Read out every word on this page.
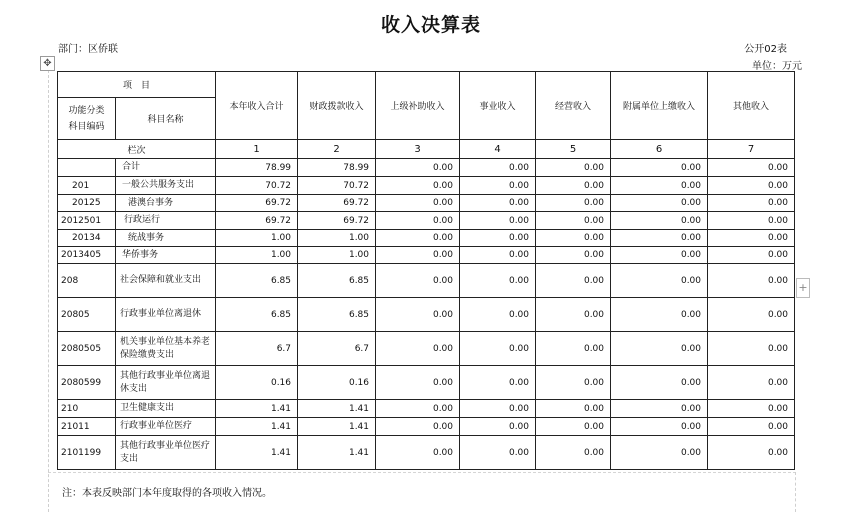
收入决算表
部门：区侨联	公开02表
单位：万元
✥
+
项　目		本年收入合计	财政拨款收入	上级补助收入	事业收入	经营收入	附属单位上缴收入	其他收入
功能分类
科目编码	科目名称							
栏次		1	2	3	4	5	6	7
	合计	78.99	78.99	0.00	0.00	0.00	0.00	0.00
201	一般公共服务支出	70.72	70.72	0.00	0.00	0.00	0.00	0.00
20125	港澳台事务	69.72	69.72	0.00	0.00	0.00	0.00	0.00
2012501	行政运行	69.72	69.72	0.00	0.00	0.00	0.00	0.00
20134	统战事务	1.00	1.00	0.00	0.00	0.00	0.00	0.00
2013405	华侨事务	1.00	1.00	0.00	0.00	0.00	0.00	0.00
208	社会保障和就业支出	6.85	6.85	0.00	0.00	0.00	0.00	0.00
20805	行政事业单位离退休	6.85	6.85	0.00	0.00	0.00	0.00	0.00
2080505	机关事业单位基本养老保险缴费支出	6.7	6.7	0.00	0.00	0.00	0.00	0.00
2080599	其他行政事业单位离退休支出	0.16	0.16	0.00	0.00	0.00	0.00	0.00
210	卫生健康支出	1.41	1.41	0.00	0.00	0.00	0.00	0.00
21011	行政事业单位医疗	1.41	1.41	0.00	0.00	0.00	0.00	0.00
2101199	其他行政事业单位医疗支出	1.41	1.41	0.00	0.00	0.00	0.00	0.00
注：本表反映部门本年度取得的各项收入情况。
